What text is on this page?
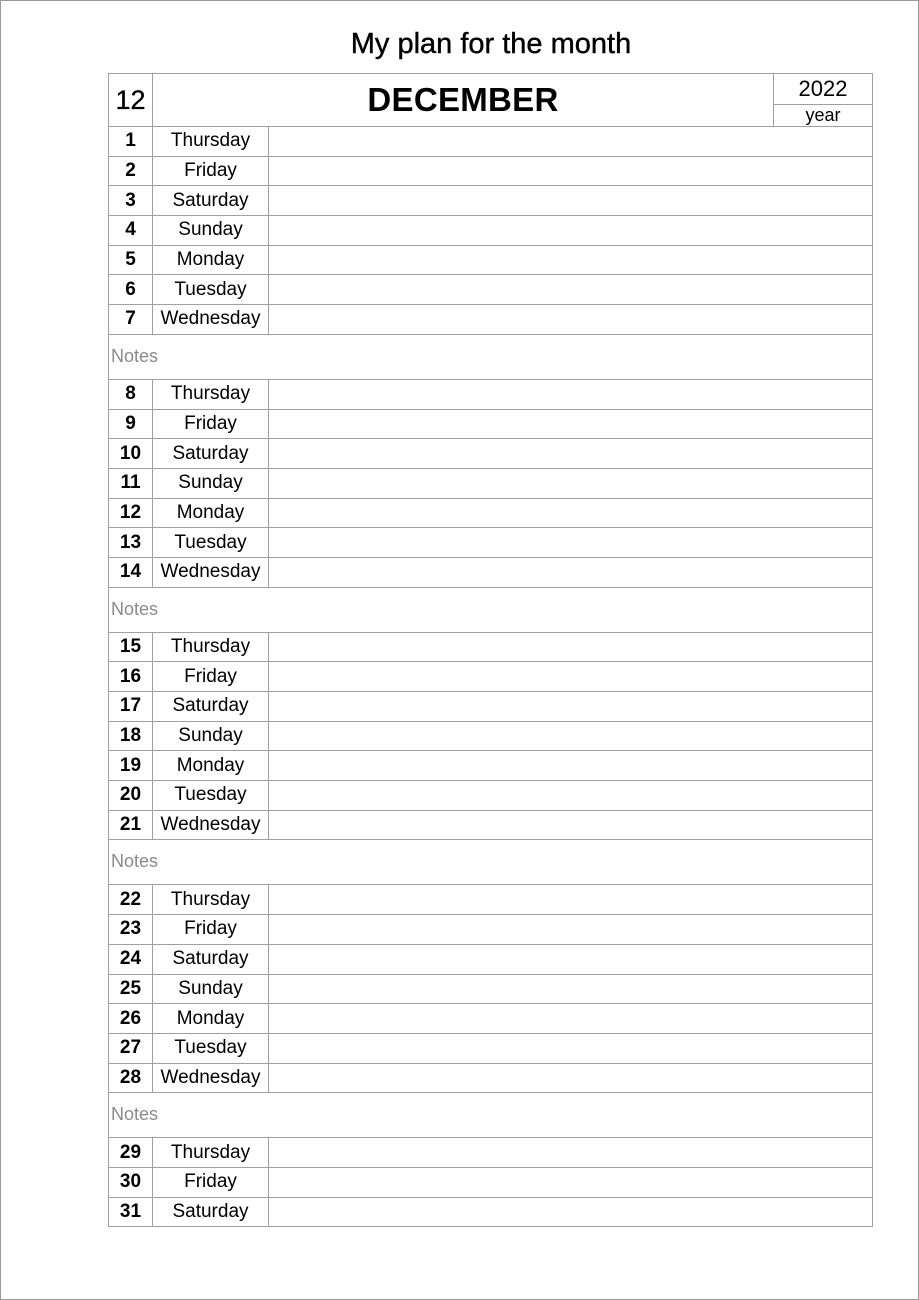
My plan for the month
12	DECEMBER	2022
year
1	Thursday
2	Friday
3	Saturday
4	Sunday
5	Monday
6	Tuesday
7	Wednesday
Notes
8	Thursday
9	Friday
10	Saturday
11	Sunday
12	Monday
13	Tuesday
14	Wednesday
Notes
15	Thursday
16	Friday
17	Saturday
18	Sunday
19	Monday
20	Tuesday
21	Wednesday
Notes
22	Thursday
23	Friday
24	Saturday
25	Sunday
26	Monday
27	Tuesday
28	Wednesday
Notes
29	Thursday
30	Friday
31	Saturday
